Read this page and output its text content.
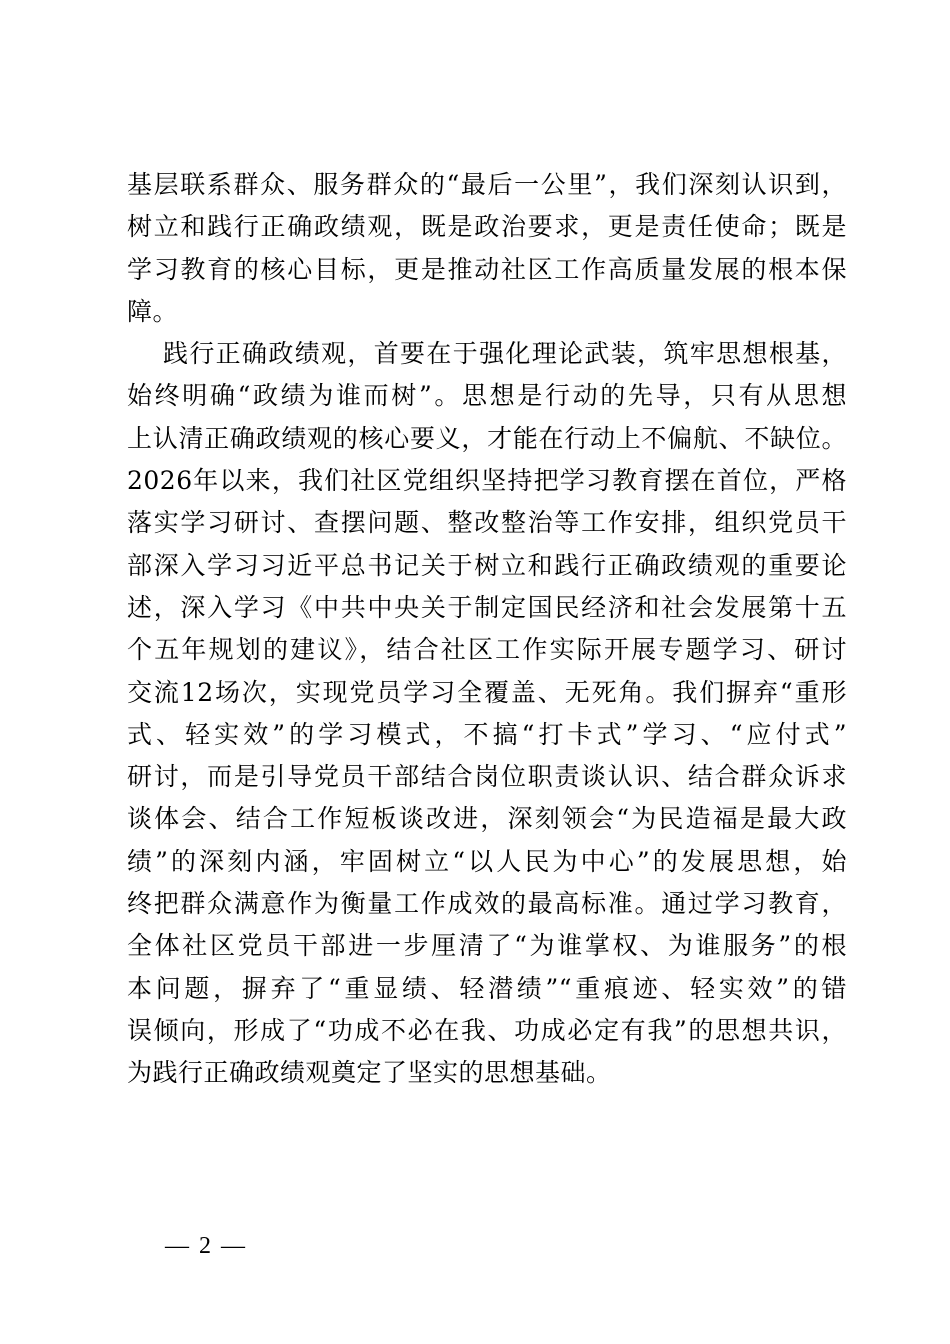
基层联系群众、服务群众的“最后一公里”，我们深刻认识到，
树立和践行正确政绩观，既是政治要求，更是责任使命；既是
学习教育的核心目标，更是推动社区工作高质量发展的根本保
障。
践行正确政绩观，首要在于强化理论武装，筑牢思想根基，
始终明确“政绩为谁而树”。思想是行动的先导，只有从思想
上认清正确政绩观的核心要义，才能在行动上不偏航、不缺位。
2026年以来，我们社区党组织坚持把学习教育摆在首位，严格
落实学习研讨、查摆问题、整改整治等工作安排，组织党员干
部深入学习习近平总书记关于树立和践行正确政绩观的重要论
述，深入学习《中共中央关于制定国民经济和社会发展第十五
个五年规划的建议》，结合社区工作实际开展专题学习、研讨
交流12场次，实现党员学习全覆盖、无死角。我们摒弃“重形
式、轻实效”的学习模式，不搞“打卡式”学习、“应付式”
研讨，而是引导党员干部结合岗位职责谈认识、结合群众诉求
谈体会、结合工作短板谈改进，深刻领会“为民造福是最大政
绩”的深刻内涵，牢固树立“以人民为中心”的发展思想，始
终把群众满意作为衡量工作成效的最高标准。通过学习教育，
全体社区党员干部进一步厘清了“为谁掌权、为谁服务”的根
本问题，摒弃了“重显绩、轻潜绩”“重痕迹、轻实效”的错
误倾向，形成了“功成不必在我、功成必定有我”的思想共识，
为践行正确政绩观奠定了坚实的思想基础。
— 2 —
